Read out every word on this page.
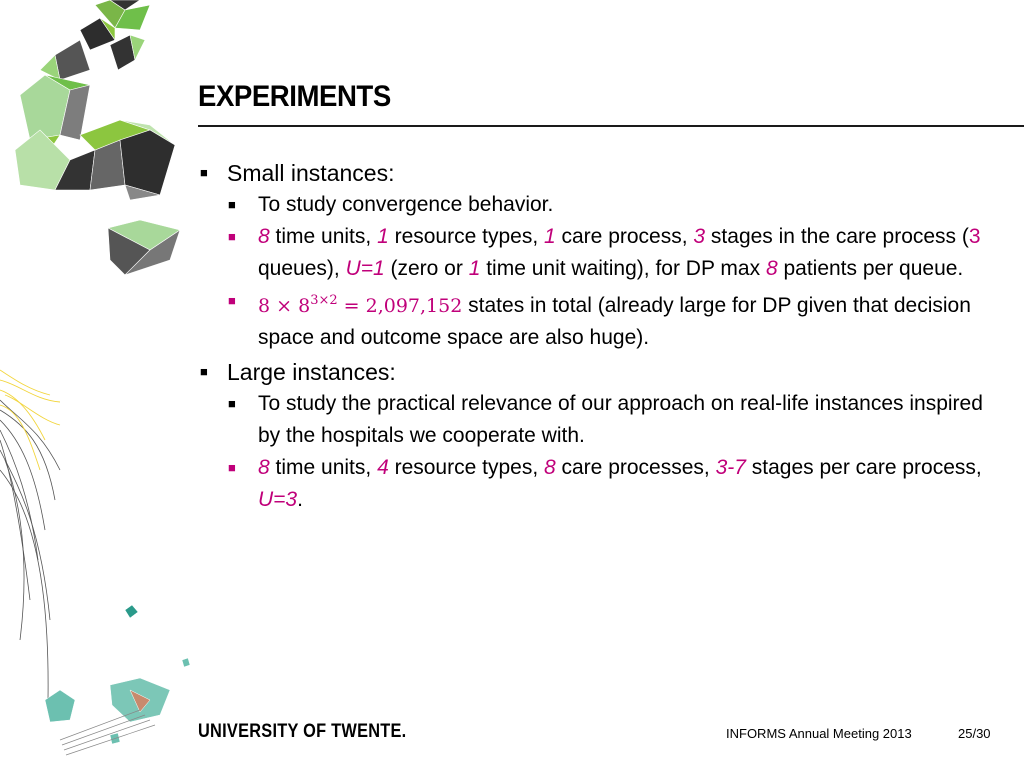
EXPERIMENTS
■ Small instances:
■ To study convergence behavior.
■ 8 time units, 1 resource types, 1 care process, 3 stages in the care process (3 queues), U=1 (zero or 1 time unit waiting), for DP max 8 patients per queue.
■ $8 \times 8^{3\times 2} = 2,097,152$ states in total (already large for DP given that decision space and outcome space are also huge).
■ Large instances:
■ To study the practical relevance of our approach on real-life instances inspired by the hospitals we cooperate with.
■ 8 time units, 4 resource types, 8 care processes, 3-7 stages per care process, U=3.
UNIVERSITY OF TWENTE.	INFORMS Annual Meeting 2013	25/30
